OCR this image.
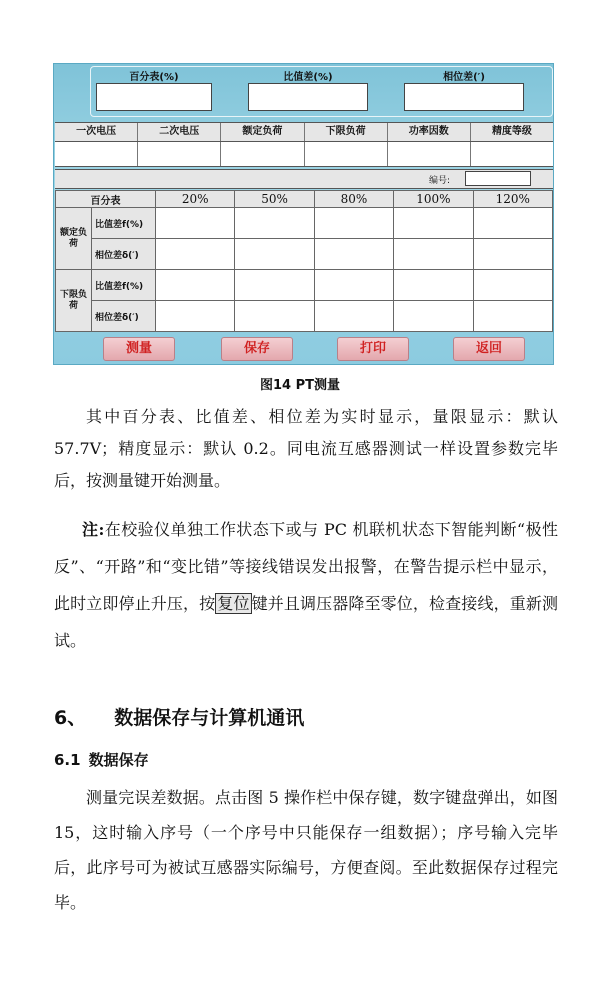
百分表(%)	比值差(%)	相位差(′)
一次电压	二次电压	额定负荷	下限负荷	功率因数	精度等级
编号:
百分表		20%	50%	80%	100%	120%
额定负荷	比值差f(%)					
	相位差δ(′)					
下限负荷	比值差f(%)					
	相位差δ(′)					
测量	保存	打印	返回
图14 PT测量

其中百分表、比值差、相位差为实时显示，量限显示：默认57.7V；精度显示：默认 0.2。同电流互感器测试一样设置参数完毕后，按测量键开始测量。

注:在校验仪单独工作状态下或与 PC 机联机状态下智能判断“极性反”、“开路”和“变比错”等接线错误发出报警，在警告提示栏中显示，此时立即停止升压，按 复位 键并且调压器降至零位，检查接线，重新测试。

6、 数据保存与计算机通讯
6.1 数据保存

测量完误差数据。点击图 5 操作栏中保存键，数字键盘弹出，如图 15，这时输入序号（一个序号中只能保存一组数据）；序号输入完毕后，此序号可为被试互感器实际编号，方便查阅。至此数据保存过程完毕。
